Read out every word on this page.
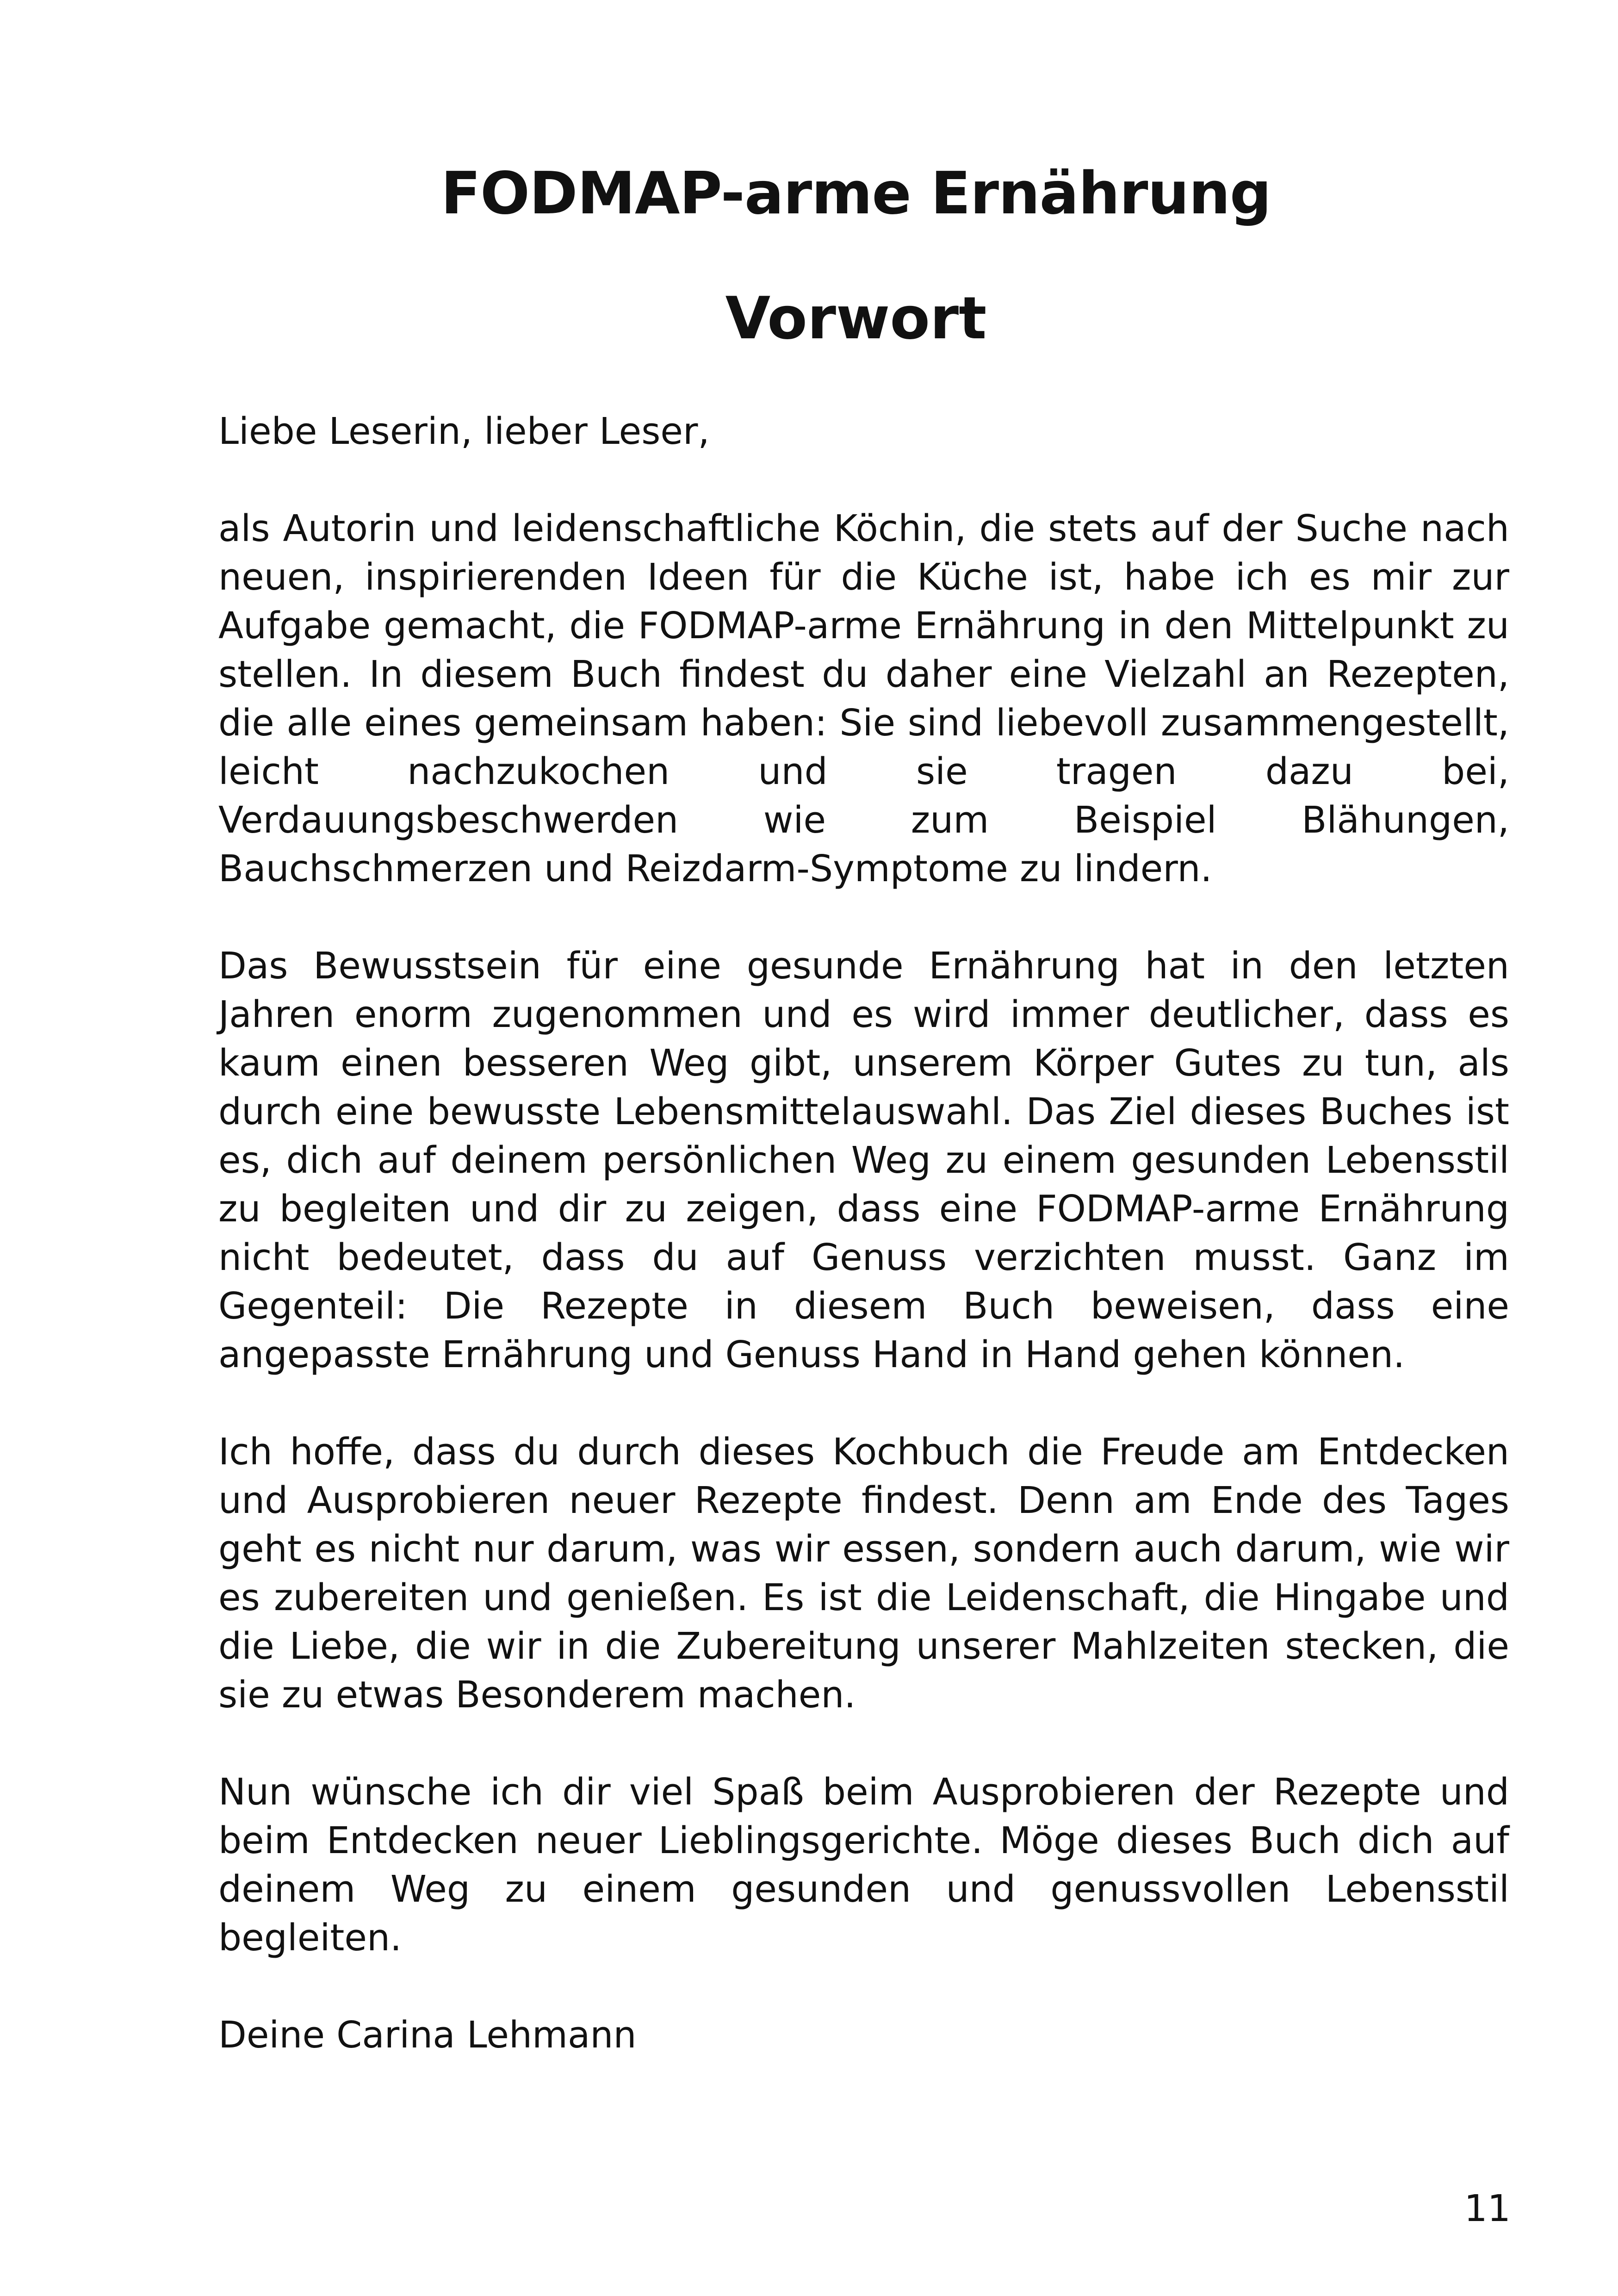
FODMAP-arme Ernährung
Vorwort

Liebe Leserin, lieber Leser,

als Autorin und leidenschaftliche Köchin, die stets auf der Suche nach neuen, inspirierenden Ideen für die Küche ist, habe ich es mir zur Aufgabe gemacht, die FODMAP-arme Ernährung in den Mittelpunkt zu stellen. In diesem Buch findest du daher eine Vielzahl an Rezepten, die alle eines gemeinsam haben: Sie sind liebevoll zusammengestellt, leicht nachzukochen und sie tragen dazu bei, Verdauungsbeschwerden wie zum Beispiel Blähungen, Bauchschmerzen und Reizdarm-Symptome zu lindern.

Das Bewusstsein für eine gesunde Ernährung hat in den letzten Jahren enorm zugenommen und es wird immer deutlicher, dass es kaum einen besseren Weg gibt, unserem Körper Gutes zu tun, als durch eine bewusste Lebensmittelauswahl. Das Ziel dieses Buches ist es, dich auf deinem persönlichen Weg zu einem gesunden Lebensstil zu begleiten und dir zu zeigen, dass eine FODMAP-arme Ernährung nicht bedeutet, dass du auf Genuss verzichten musst. Ganz im Gegenteil: Die Rezepte in diesem Buch beweisen, dass eine angepasste Ernährung und Genuss Hand in Hand gehen können.

Ich hoffe, dass du durch dieses Kochbuch die Freude am Entdecken und Ausprobieren neuer Rezepte findest. Denn am Ende des Tages geht es nicht nur darum, was wir essen, sondern auch darum, wie wir es zubereiten und genießen. Es ist die Leidenschaft, die Hingabe und die Liebe, die wir in die Zubereitung unserer Mahlzeiten stecken, die sie zu etwas Besonderem machen.

Nun wünsche ich dir viel Spaß beim Ausprobieren der Rezepte und beim Entdecken neuer Lieblingsgerichte. Möge dieses Buch dich auf deinem Weg zu einem gesunden und genussvollen Lebensstil begleiten.

Deine Carina Lehmann

11
